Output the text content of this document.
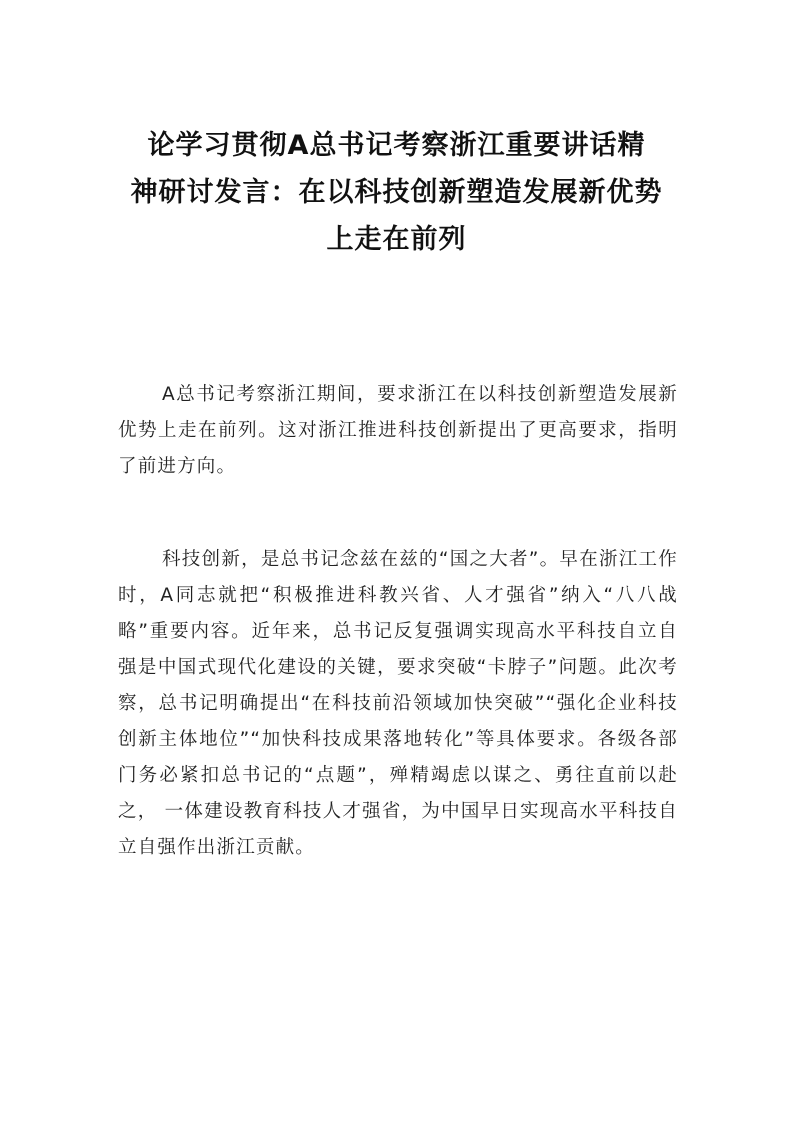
论学习贯彻A总书记考察浙江重要讲话精
神研讨发言：在以科技创新塑造发展新优势
上走在前列

A总书记考察浙江期间，要求浙江在以科技创新塑造发展新优势上走在前列。这对浙江推进科技创新提出了更高要求，指明了前进方向。

科技创新，是总书记念兹在兹的“国之大者”。早在浙江工作时，A同志就把“积极推进科教兴省、人才强省”纳入“八八战略”重要内容。近年来，总书记反复强调实现高水平科技自立自强是中国式现代化建设的关键，要求突破“卡脖子”问题。此次考察，总书记明确提出“在科技前沿领域加快突破”“强化企业科技创新主体地位”“加快科技成果落地转化”等具体要求。各级各部门务必紧扣总书记的“点题”，殚精竭虑以谋之、勇往直前以赴之， 一体建设教育科技人才强省，为中国早日实现高水平科技自立自强作出浙江贡献。
